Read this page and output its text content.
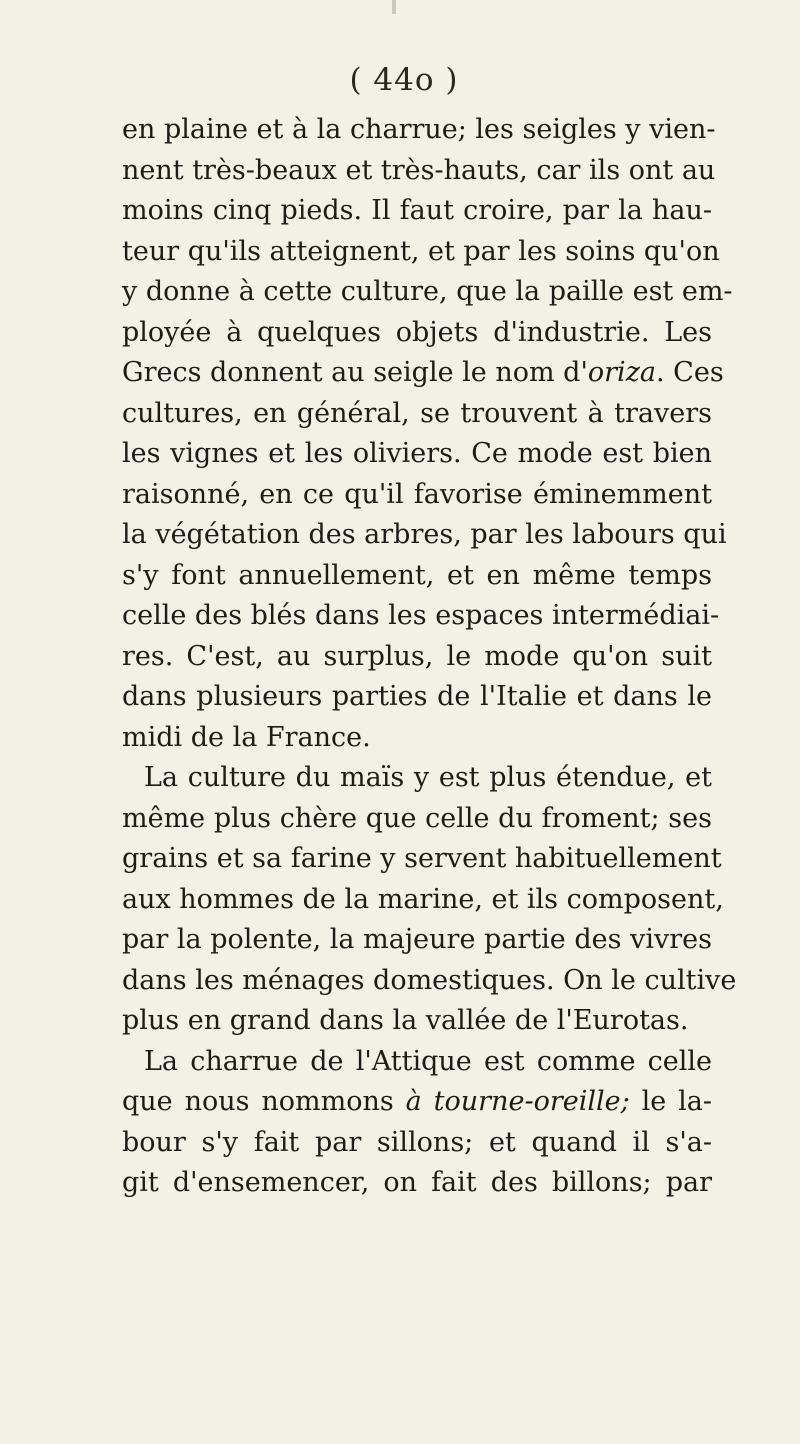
( 44o )
en plaine et à la charrue; les seigles y vien-
nent très-beaux et très-hauts, car ils ont au
moins cinq pieds. Il faut croire, par la hau-
teur qu'ils atteignent, et par les soins qu'on
y donne à cette culture, que la paille est em-
ployée à quelques objets d'industrie. Les
Grecs donnent au seigle le nom d'oriza. Ces
cultures, en général, se trouvent à travers
les vignes et les oliviers. Ce mode est bien
raisonné, en ce qu'il favorise éminemment
la végétation des arbres, par les labours qui
s'y font annuellement, et en même temps
celle des blés dans les espaces intermédiai-
res. C'est, au surplus, le mode qu'on suit
dans plusieurs parties de l'Italie et dans le
midi de la France.
La culture du maïs y est plus étendue, et
même plus chère que celle du froment; ses
grains et sa farine y servent habituellement
aux hommes de la marine, et ils composent,
par la polente, la majeure partie des vivres
dans les ménages domestiques. On le cultive
plus en grand dans la vallée de l'Eurotas.
La charrue de l'Attique est comme celle
que nous nommons à tourne-oreille; le la-
bour s'y fait par sillons; et quand il s'a-
git d'ensemencer, on fait des billons; par
